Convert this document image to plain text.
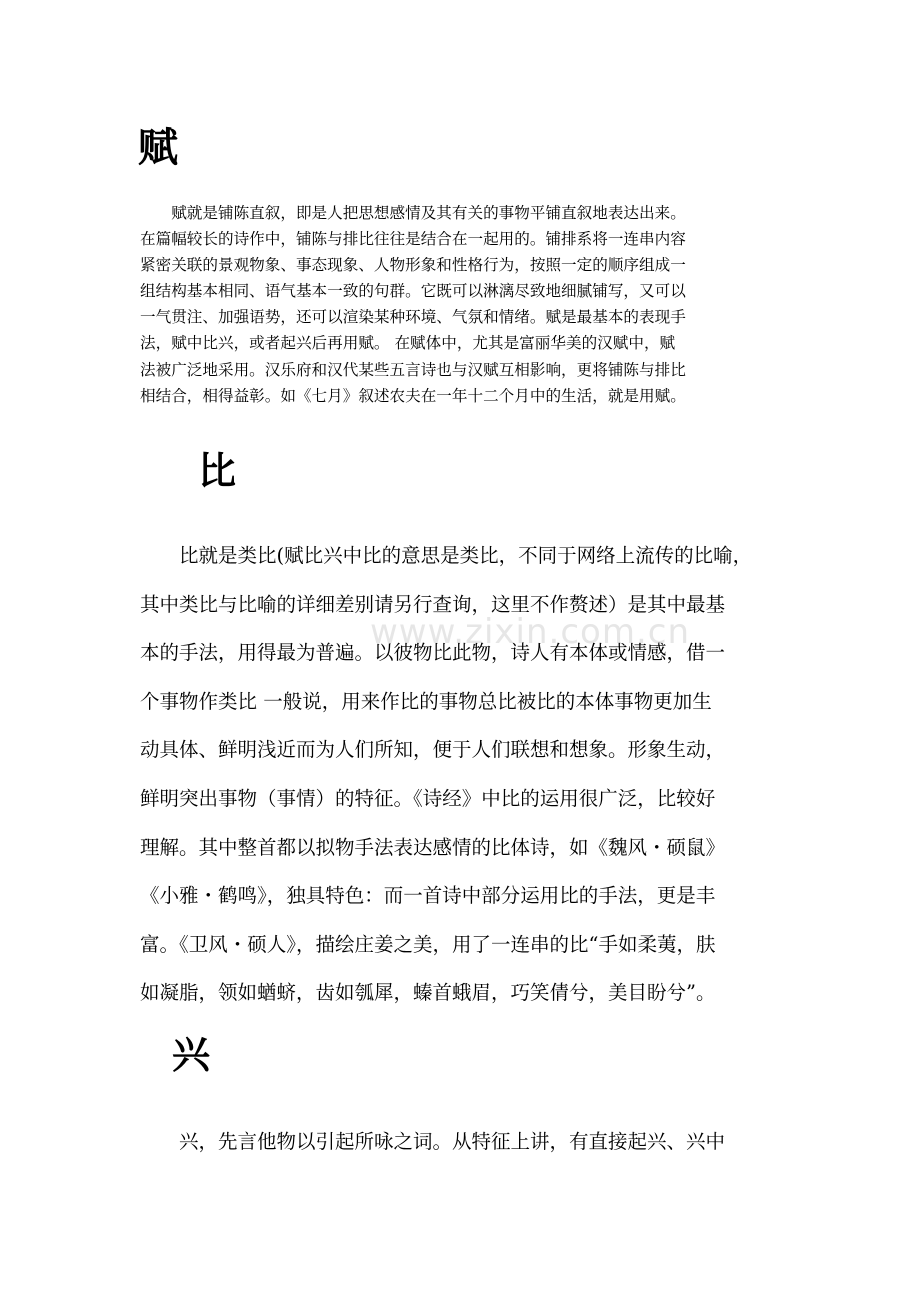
赋
　　赋就是铺陈直叙，即是人把思想感情及其有关的事物平铺直叙地表达出来。
在篇幅较长的诗作中，铺陈与排比往往是结合在一起用的。铺排系将一连串内容
紧密关联的景观物象、事态现象、人物形象和性格行为，按照一定的顺序组成一
组结构基本相同、语气基本一致的句群。它既可以淋漓尽致地细腻铺写，又可以
一气贯注、加强语势，还可以渲染某种环境、气氛和情绪。赋是最基本的表现手
法，赋中比兴，或者起兴后再用赋。 在赋体中，尤其是富丽华美的汉赋中，赋
法被广泛地采用。汉乐府和汉代某些五言诗也与汉赋互相影响，更将铺陈与排比
相结合，相得益彰。如《七月》叙述农夫在一年十二个月中的生活，就是用赋。
比
　　比就是类比(赋比兴中比的意思是类比，不同于网络上流传的比喻，
其中类比与比喻的详细差别请另行查询，这里不作赘述）是其中最基
本的手法，用得最为普遍。以彼物比此物，诗人有本体或情感，借一
个事物作类比 一般说，用来作比的事物总比被比的本体事物更加生
动具体、鲜明浅近而为人们所知，便于人们联想和想象。形象生动，
鲜明突出事物（事情）的特征。《诗经》中比的运用很广泛，比较好
理解。其中整首都以拟物手法表达感情的比体诗，如《魏风・硕鼠》
《小雅・鹤鸣》，独具特色：而一首诗中部分运用比的手法，更是丰
富。《卫风・硕人》，描绘庄姜之美，用了一连串的比“手如柔荑，肤
如凝脂，领如蝤蛴，齿如瓠犀，螓首蛾眉，巧笑倩兮，美目盼兮”。
兴
　　兴，先言他物以引起所咏之词。从特征上讲，有直接起兴、兴中
www.zixin.com.cn
